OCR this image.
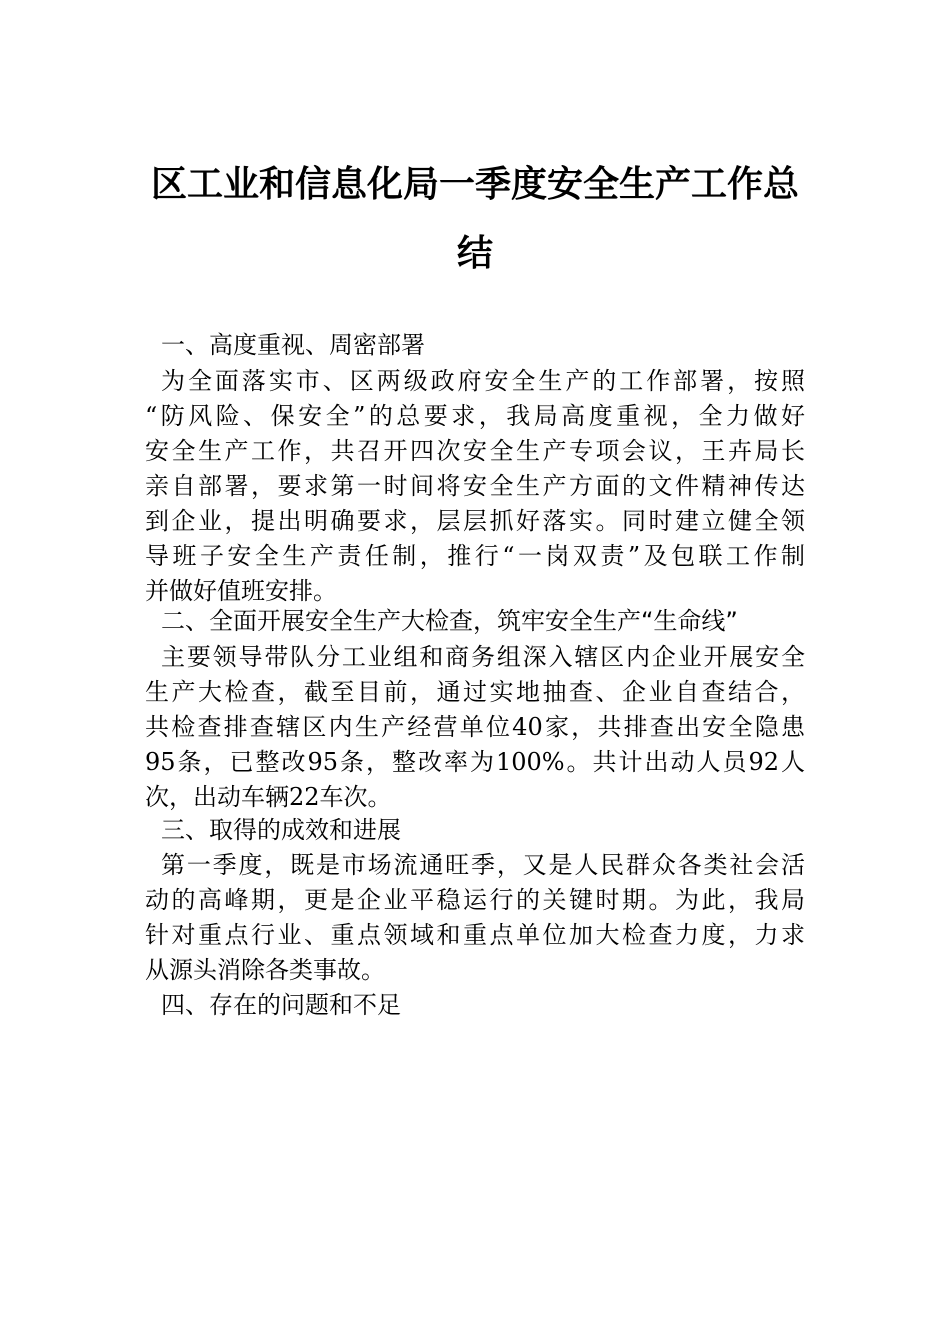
区工业和信息化局一季度安全生产工作总
结
一、高度重视、周密部署
为全面落实市、区两级政府安全生产的工作部署，按照
“防风险、保安全”的总要求，我局高度重视，全力做好
安全生产工作，共召开四次安全生产专项会议，王卉局长
亲自部署，要求第一时间将安全生产方面的文件精神传达
到企业，提出明确要求，层层抓好落实。同时建立健全领
导班子安全生产责任制，推行“一岗双责”及包联工作制
并做好值班安排。
二、全面开展安全生产大检查，筑牢安全生产“生命线”
主要领导带队分工业组和商务组深入辖区内企业开展安全
生产大检查，截至目前，通过实地抽查、企业自查结合，
共检查排查辖区内生产经营单位40家，共排查出安全隐患
95条，已整改95条，整改率为100%。共计出动人员92人
次，出动车辆22车次。
三、取得的成效和进展
第一季度，既是市场流通旺季，又是人民群众各类社会活
动的高峰期，更是企业平稳运行的关键时期。为此，我局
针对重点行业、重点领域和重点单位加大检查力度，力求
从源头消除各类事故。
四、存在的问题和不足
